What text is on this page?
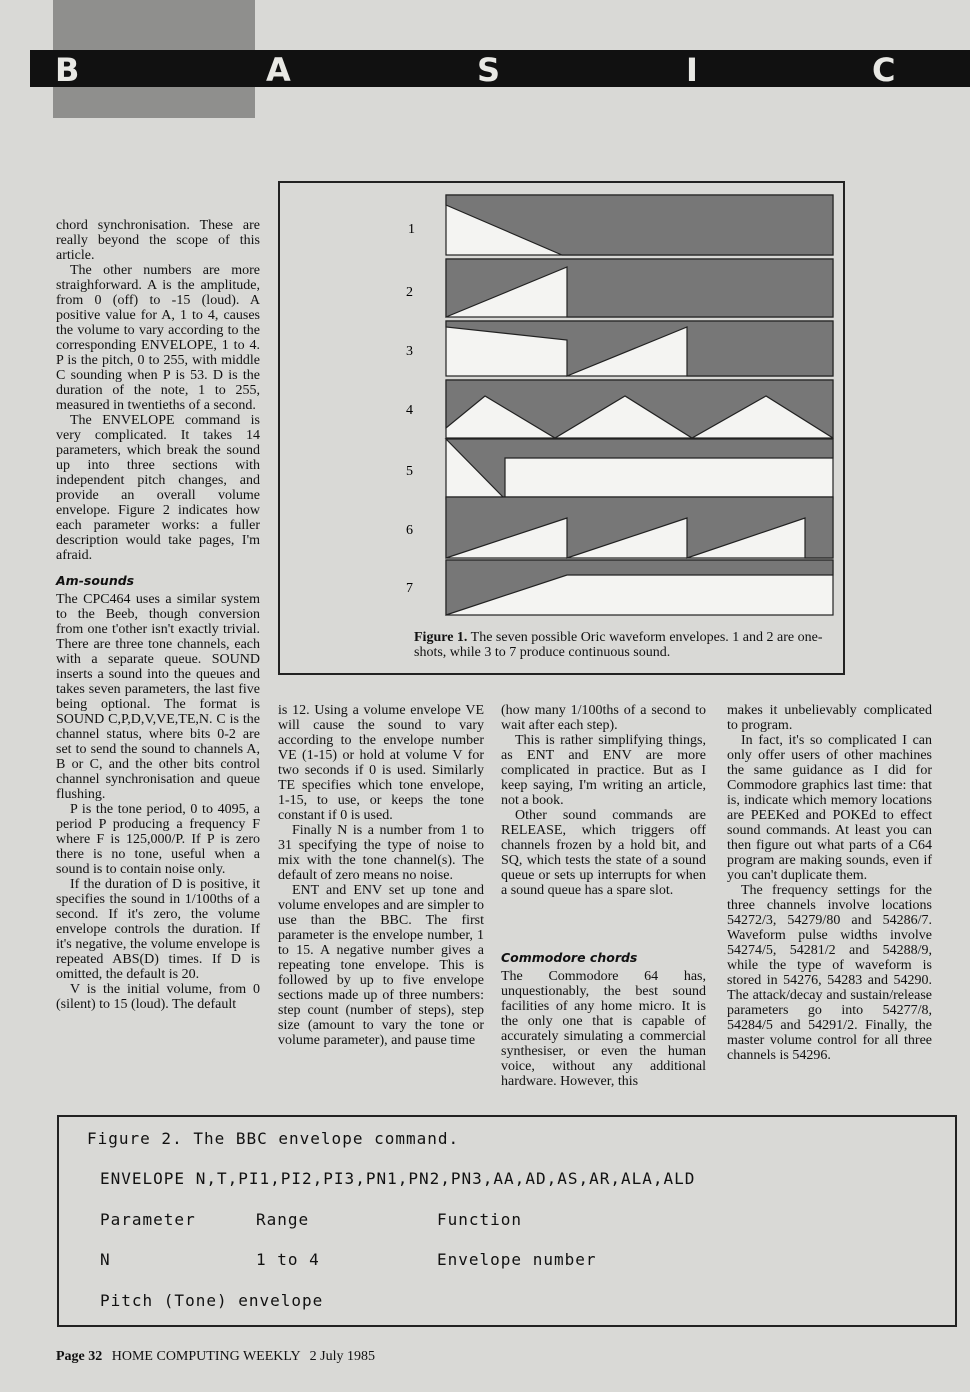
B	A	S	I	C

chord synchronisation. These are really beyond the scope of this article.

The other numbers are more straighforward. A is the amplitude, from 0 (off) to -15 (loud). A positive value for A, 1 to 4, causes the volume to vary according to the corresponding ENVELOPE, 1 to 4. P is the pitch, 0 to 255, with middle C sounding when P is 53. D is the duration of the note, 1 to 255, measured in twentieths of a second.

The ENVELOPE command is very complicated. It takes 14 parameters, which break the sound up into three sections with independent pitch changes, and provide an overall volume envelope. Figure 2 indicates how each parameter works: a fuller description would take pages, I'm afraid.

Am-sounds

The CPC464 uses a similar system to the Beeb, though conversion from one t'other isn't exactly trivial. There are three tone channels, each with a separate queue. SOUND inserts a sound into the queues and takes seven parameters, the last five being optional. The format is SOUND C,P,D,V,VE,TE,N. C is the channel status, where bits 0-2 are set to send the sound to channels A, B or C, and the other bits control channel synchronisation and queue flushing.

P is the tone period, 0 to 4095, a period P producing a frequency F where F is 125,000/P. If P is zero there is no tone, useful when a sound is to contain noise only.

If the duration of D is positive, it specifies the sound in 1/100ths of a second. If it's zero, the volume envelope controls the duration. If it's negative, the volume envelope is repeated ABS(D) times. If D is omitted, the default is 20.

V is the initial volume, from 0 (silent) to 15 (loud). The default

1
2
3
4
5
6
7
Figure 1. The seven possible Oric waveform envelopes. 1 and 2 are one-shots, while 3 to 7 produce continuous sound.

is 12. Using a volume envelope VE will cause the sound to vary according to the envelope number VE (1-15) or hold at volume V for two seconds if 0 is used. Similarly TE specifies which tone envelope, 1-15, to use, or keeps the tone constant if 0 is used.

Finally N is a number from 1 to 31 specifying the type of noise to mix with the tone channel(s). The default of zero means no noise.

ENT and ENV set up tone and volume envelopes and are simpler to use than the BBC. The first parameter is the envelope number, 1 to 15. A negative number gives a repeating tone envelope. This is followed by up to five envelope sections made up of three numbers: step count (number of steps), step size (amount to vary the tone or volume parameter), and pause time

(how many 1/100ths of a second to wait after each step).

This is rather simplifying things, as ENT and ENV are more complicated in practice. But as I keep saying, I'm writing an article, not a book.

Other sound commands are RELEASE, which triggers off channels frozen by a hold bit, and SQ, which tests the state of a sound queue or sets up interrupts for when a sound queue has a spare slot.

Commodore chords

The Commodore 64 has, unquestionably, the best sound facilities of any home micro. It is the only one that is capable of accurately simulating a commercial synthesiser, or even the human voice, without any additional hardware. However, this

makes it unbelievably complicated to program.

In fact, it's so complicated I can only offer users of other machines the same guidance as I did for Commodore graphics last time: that is, indicate which memory locations are PEEKed and POKEd to effect sound commands. At least you can then figure out what parts of a C64 program are making sounds, even if you can't duplicate them.

The frequency settings for the three channels involve locations 54272/3, 54279/80 and 54286/7. Waveform pulse widths involve 54274/5, 54281/2 and 54288/9, while the type of waveform is stored in 54276, 54283 and 54290. The attack/decay and sustain/release parameters go into 54277/8, 54284/5 and 54291/2. Finally, the master volume control for all three channels is 54296.

Figure 2. The BBC envelope command.
ENVELOPE N,T,PI1,PI2,PI3,PN1,PN2,PN3,AA,AD,AS,AR,ALA,ALD
Parameter	Range	Function
N	1 to 4	Envelope number
Pitch (Tone) envelope
Page 32 HOME COMPUTING WEEKLY 2 July 1985
